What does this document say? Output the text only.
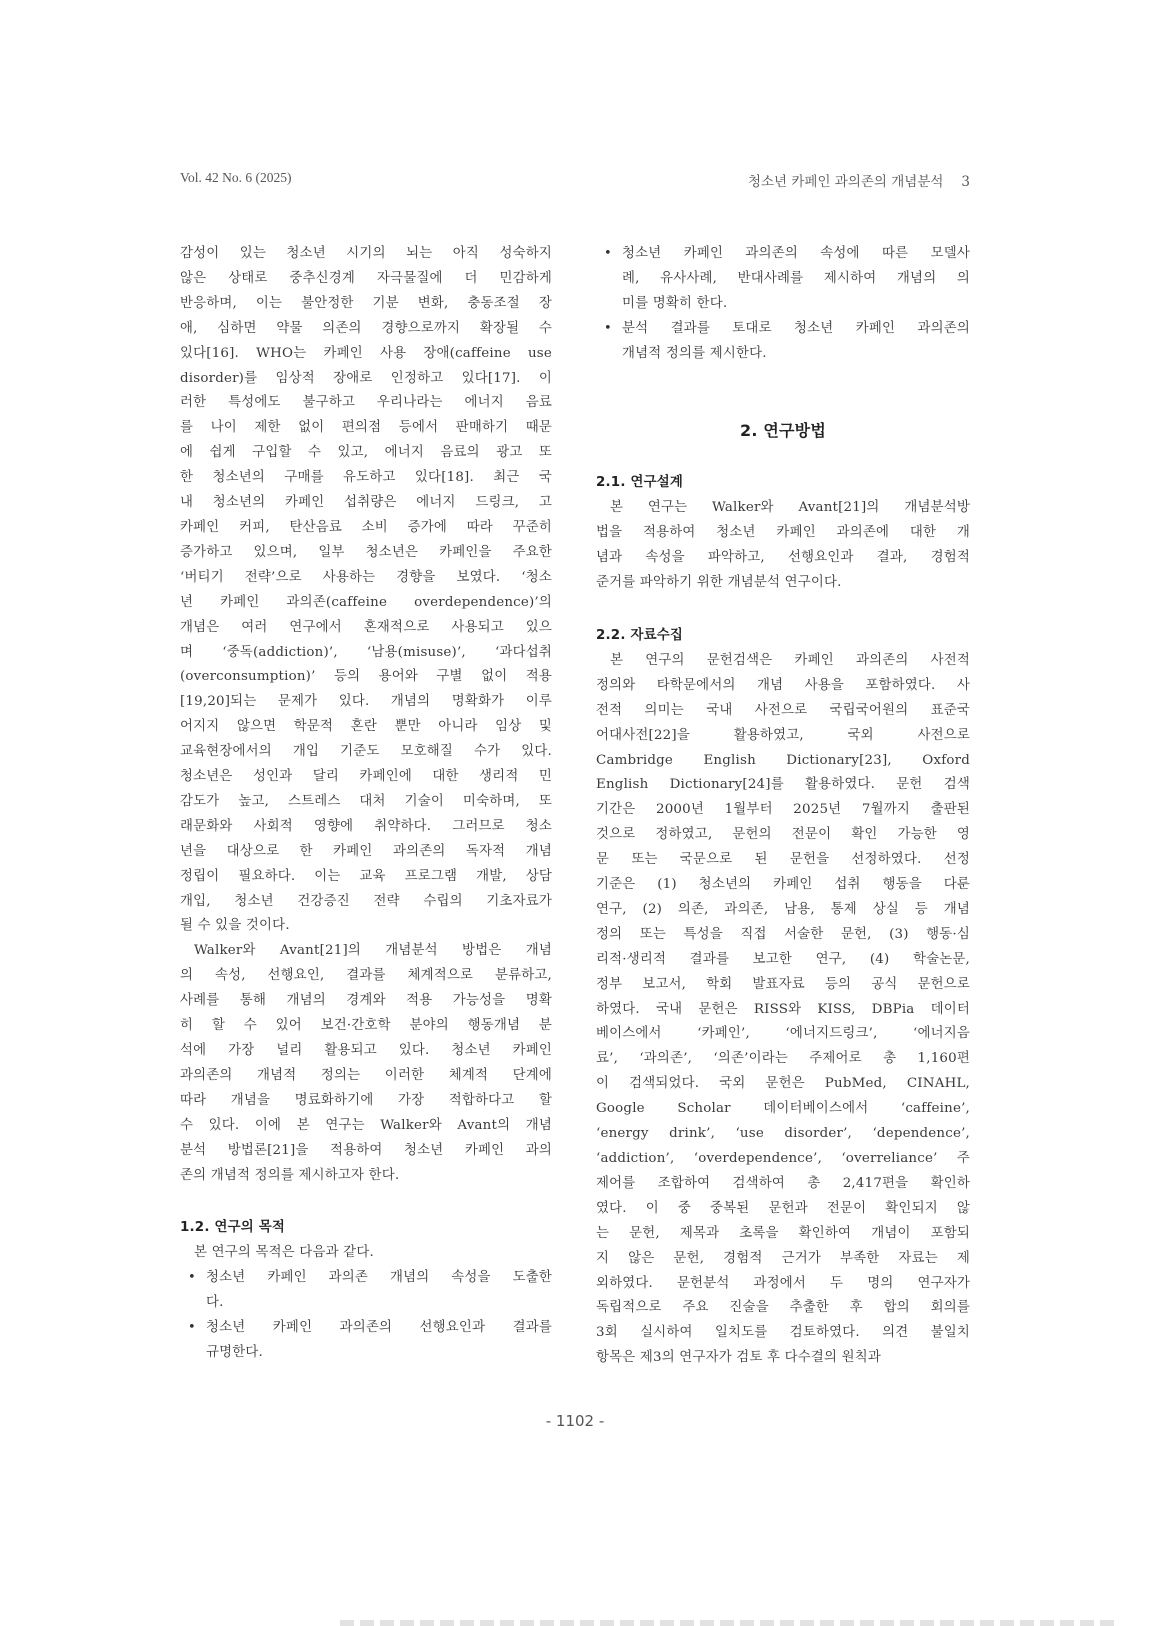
Vol. 42 No. 6 (2025)	청소년 카페인 과의존의 개념분석 3

감성이 있는 청소년 시기의 뇌는 아직 성숙하지
않은 상태로 중추신경계 자극물질에 더 민감하게
반응하며, 이는 불안정한 기분 변화, 충동조절 장
애, 심하면 약물 의존의 경향으로까지 확장될 수
있다[16]. WHO는 카페인 사용 장애(caffeine use
disorder)를 임상적 장애로 인정하고 있다[17]. 이
러한 특성에도 불구하고 우리나라는 에너지 음료
를 나이 제한 없이 편의점 등에서 판매하기 때문
에 쉽게 구입할 수 있고, 에너지 음료의 광고 또
한 청소년의 구매를 유도하고 있다[18]. 최근 국
내 청소년의 카페인 섭취량은 에너지 드링크, 고
카페인 커피, 탄산음료 소비 증가에 따라 꾸준히
증가하고 있으며, 일부 청소년은 카페인을 주요한
‘버티기 전략’으로 사용하는 경향을 보였다. ‘청소
년 카페인 과의존(caffeine overdependence)’의
개념은 여러 연구에서 혼재적으로 사용되고 있으
며 ‘중독(addiction)’, ‘남용(misuse)’, ‘과다섭취
(overconsumption)’ 등의 용어와 구별 없이 적용
[19,20]되는 문제가 있다. 개념의 명확화가 이루
어지지 않으면 학문적 혼란 뿐만 아니라 임상 및
교육현장에서의 개입 기준도 모호해질 수가 있다.
청소년은 성인과 달리 카페인에 대한 생리적 민
감도가 높고, 스트레스 대처 기술이 미숙하며, 또
래문화와 사회적 영향에 취약하다. 그러므로 청소
년을 대상으로 한 카페인 과의존의 독자적 개념
정립이 필요하다. 이는 교육 프로그램 개발, 상담
개입, 청소년 건강증진 전략 수립의 기초자료가
될 수 있을 것이다.

Walker와 Avant[21]의 개념분석 방법은 개념
의 속성, 선행요인, 결과를 체계적으로 분류하고,
사례를 통해 개념의 경계와 적용 가능성을 명확
히 할 수 있어 보건·간호학 분야의 행동개념 분
석에 가장 널리 활용되고 있다. 청소년 카페인
과의존의 개념적 정의는 이러한 체계적 단계에
따라 개념을 명료화하기에 가장 적합하다고 할
수 있다. 이에 본 연구는 Walker와 Avant의 개념
분석 방법론[21]을 적용하여 청소년 카페인 과의
존의 개념적 정의를 제시하고자 한다.

1.2. 연구의 목적

본 연구의 목적은 다음과 같다.

• 청소년 카페인 과의존 개념의 속성을 도출한
다.
• 청소년 카페인 과의존의 선행요인과 결과를
규명한다.
• 청소년 카페인 과의존의 속성에 따른 모델사
례, 유사사례, 반대사례를 제시하여 개념의 의
미를 명확히 한다.
• 분석 결과를 토대로 청소년 카페인 과의존의
개념적 정의를 제시한다.
2. 연구방법
2.1. 연구설계

본 연구는 Walker와 Avant[21]의 개념분석방
법을 적용하여 청소년 카페인 과의존에 대한 개
념과 속성을 파악하고, 선행요인과 결과, 경험적
준거를 파악하기 위한 개념분석 연구이다.

2.2. 자료수집

본 연구의 문헌검색은 카페인 과의존의 사전적
정의와 타학문에서의 개념 사용을 포함하였다. 사
전적 의미는 국내 사전으로 국립국어원의 표준국
어대사전[22]을 활용하였고, 국외 사전으로
Cambridge English Dictionary[23], Oxford
English Dictionary[24]를 활용하였다. 문헌 검색
기간은 2000년 1월부터 2025년 7월까지 출판된
것으로 정하였고, 문헌의 전문이 확인 가능한 영
문 또는 국문으로 된 문헌을 선정하였다. 선정
기준은 (1) 청소년의 카페인 섭취 행동을 다룬
연구, (2) 의존, 과의존, 남용, 통제 상실 등 개념
정의 또는 특성을 직접 서술한 문헌, (3) 행동·심
리적·생리적 결과를 보고한 연구, (4) 학술논문,
정부 보고서, 학회 발표자료 등의 공식 문헌으로
하였다. 국내 문헌은 RISS와 KISS, DBPia 데이터
베이스에서 ‘카페인’, ‘에너지드링크’, ‘에너지음
료’, ‘과의존’, ‘의존’이라는 주제어로 총 1,160편
이 검색되었다. 국외 문헌은 PubMed, CINAHL,
Google Scholar 데이터베이스에서 ‘caffeine’,
‘energy drink’, ‘use disorder’, ‘dependence’,
‘addiction’, ‘overdependence’, ‘overreliance’ 주
제어를 조합하여 검색하여 총 2,417편을 확인하
였다. 이 중 중복된 문헌과 전문이 확인되지 않
는 문헌, 제목과 초록을 확인하여 개념이 포함되
지 않은 문헌, 경험적 근거가 부족한 자료는 제
외하였다. 문헌분석 과정에서 두 명의 연구자가
독립적으로 주요 진술을 추출한 후 합의 회의를
3회 실시하여 일치도를 검토하였다. 의견 불일치
항목은 제3의 연구자가 검토 후 다수결의 원칙과

- 1102 -
